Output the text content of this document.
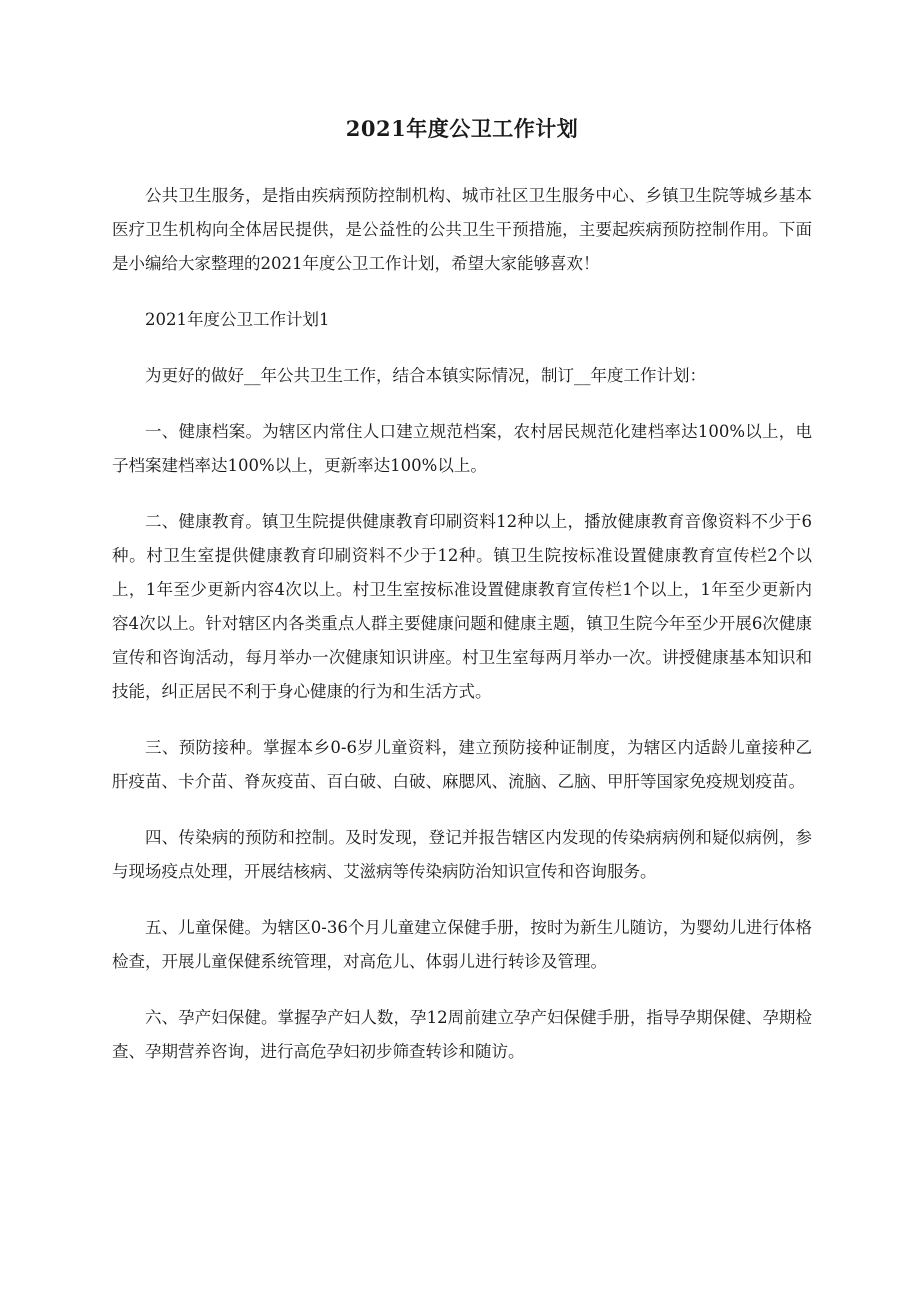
2021年度公卫工作计划

公共卫生服务，是指由疾病预防控制机构、城市社区卫生服务中心、乡镇卫生院等城乡基本医疗卫生机构向全体居民提供，是公益性的公共卫生干预措施，主要起疾病预防控制作用。下面是小编给大家整理的2021年度公卫工作计划，希望大家能够喜欢！

2021年度公卫工作计划1

为更好的做好__年公共卫生工作，结合本镇实际情况，制订__年度工作计划：

一、健康档案。为辖区内常住人口建立规范档案，农村居民规范化建档率达100%以上，电子档案建档率达100%以上，更新率达100%以上。

二、健康教育。镇卫生院提供健康教育印刷资料12种以上，播放健康教育音像资料不少于6种。村卫生室提供健康教育印刷资料不少于12种。镇卫生院按标准设置健康教育宣传栏2个以上，1年至少更新内容4次以上。村卫生室按标准设置健康教育宣传栏1个以上，1年至少更新内容4次以上。针对辖区内各类重点人群主要健康问题和健康主题，镇卫生院今年至少开展6次健康宣传和咨询活动，每月举办一次健康知识讲座。村卫生室每两月举办一次。讲授健康基本知识和技能，纠正居民不利于身心健康的行为和生活方式。

三、预防接种。掌握本乡0-6岁儿童资料，建立预防接种证制度，为辖区内适龄儿童接种乙肝疫苗、卡介苗、脊灰疫苗、百白破、白破、麻腮风、流脑、乙脑、甲肝等国家免疫规划疫苗。

四、传染病的预防和控制。及时发现，登记并报告辖区内发现的传染病病例和疑似病例，参与现场疫点处理，开展结核病、艾滋病等传染病防治知识宣传和咨询服务。

五、儿童保健。为辖区0-36个月儿童建立保健手册，按时为新生儿随访，为婴幼儿进行体格检查，开展儿童保健系统管理，对高危儿、体弱儿进行转诊及管理。

六、孕产妇保健。掌握孕产妇人数，孕12周前建立孕产妇保健手册，指导孕期保健、孕期检查、孕期营养咨询，进行高危孕妇初步筛查转诊和随访。
